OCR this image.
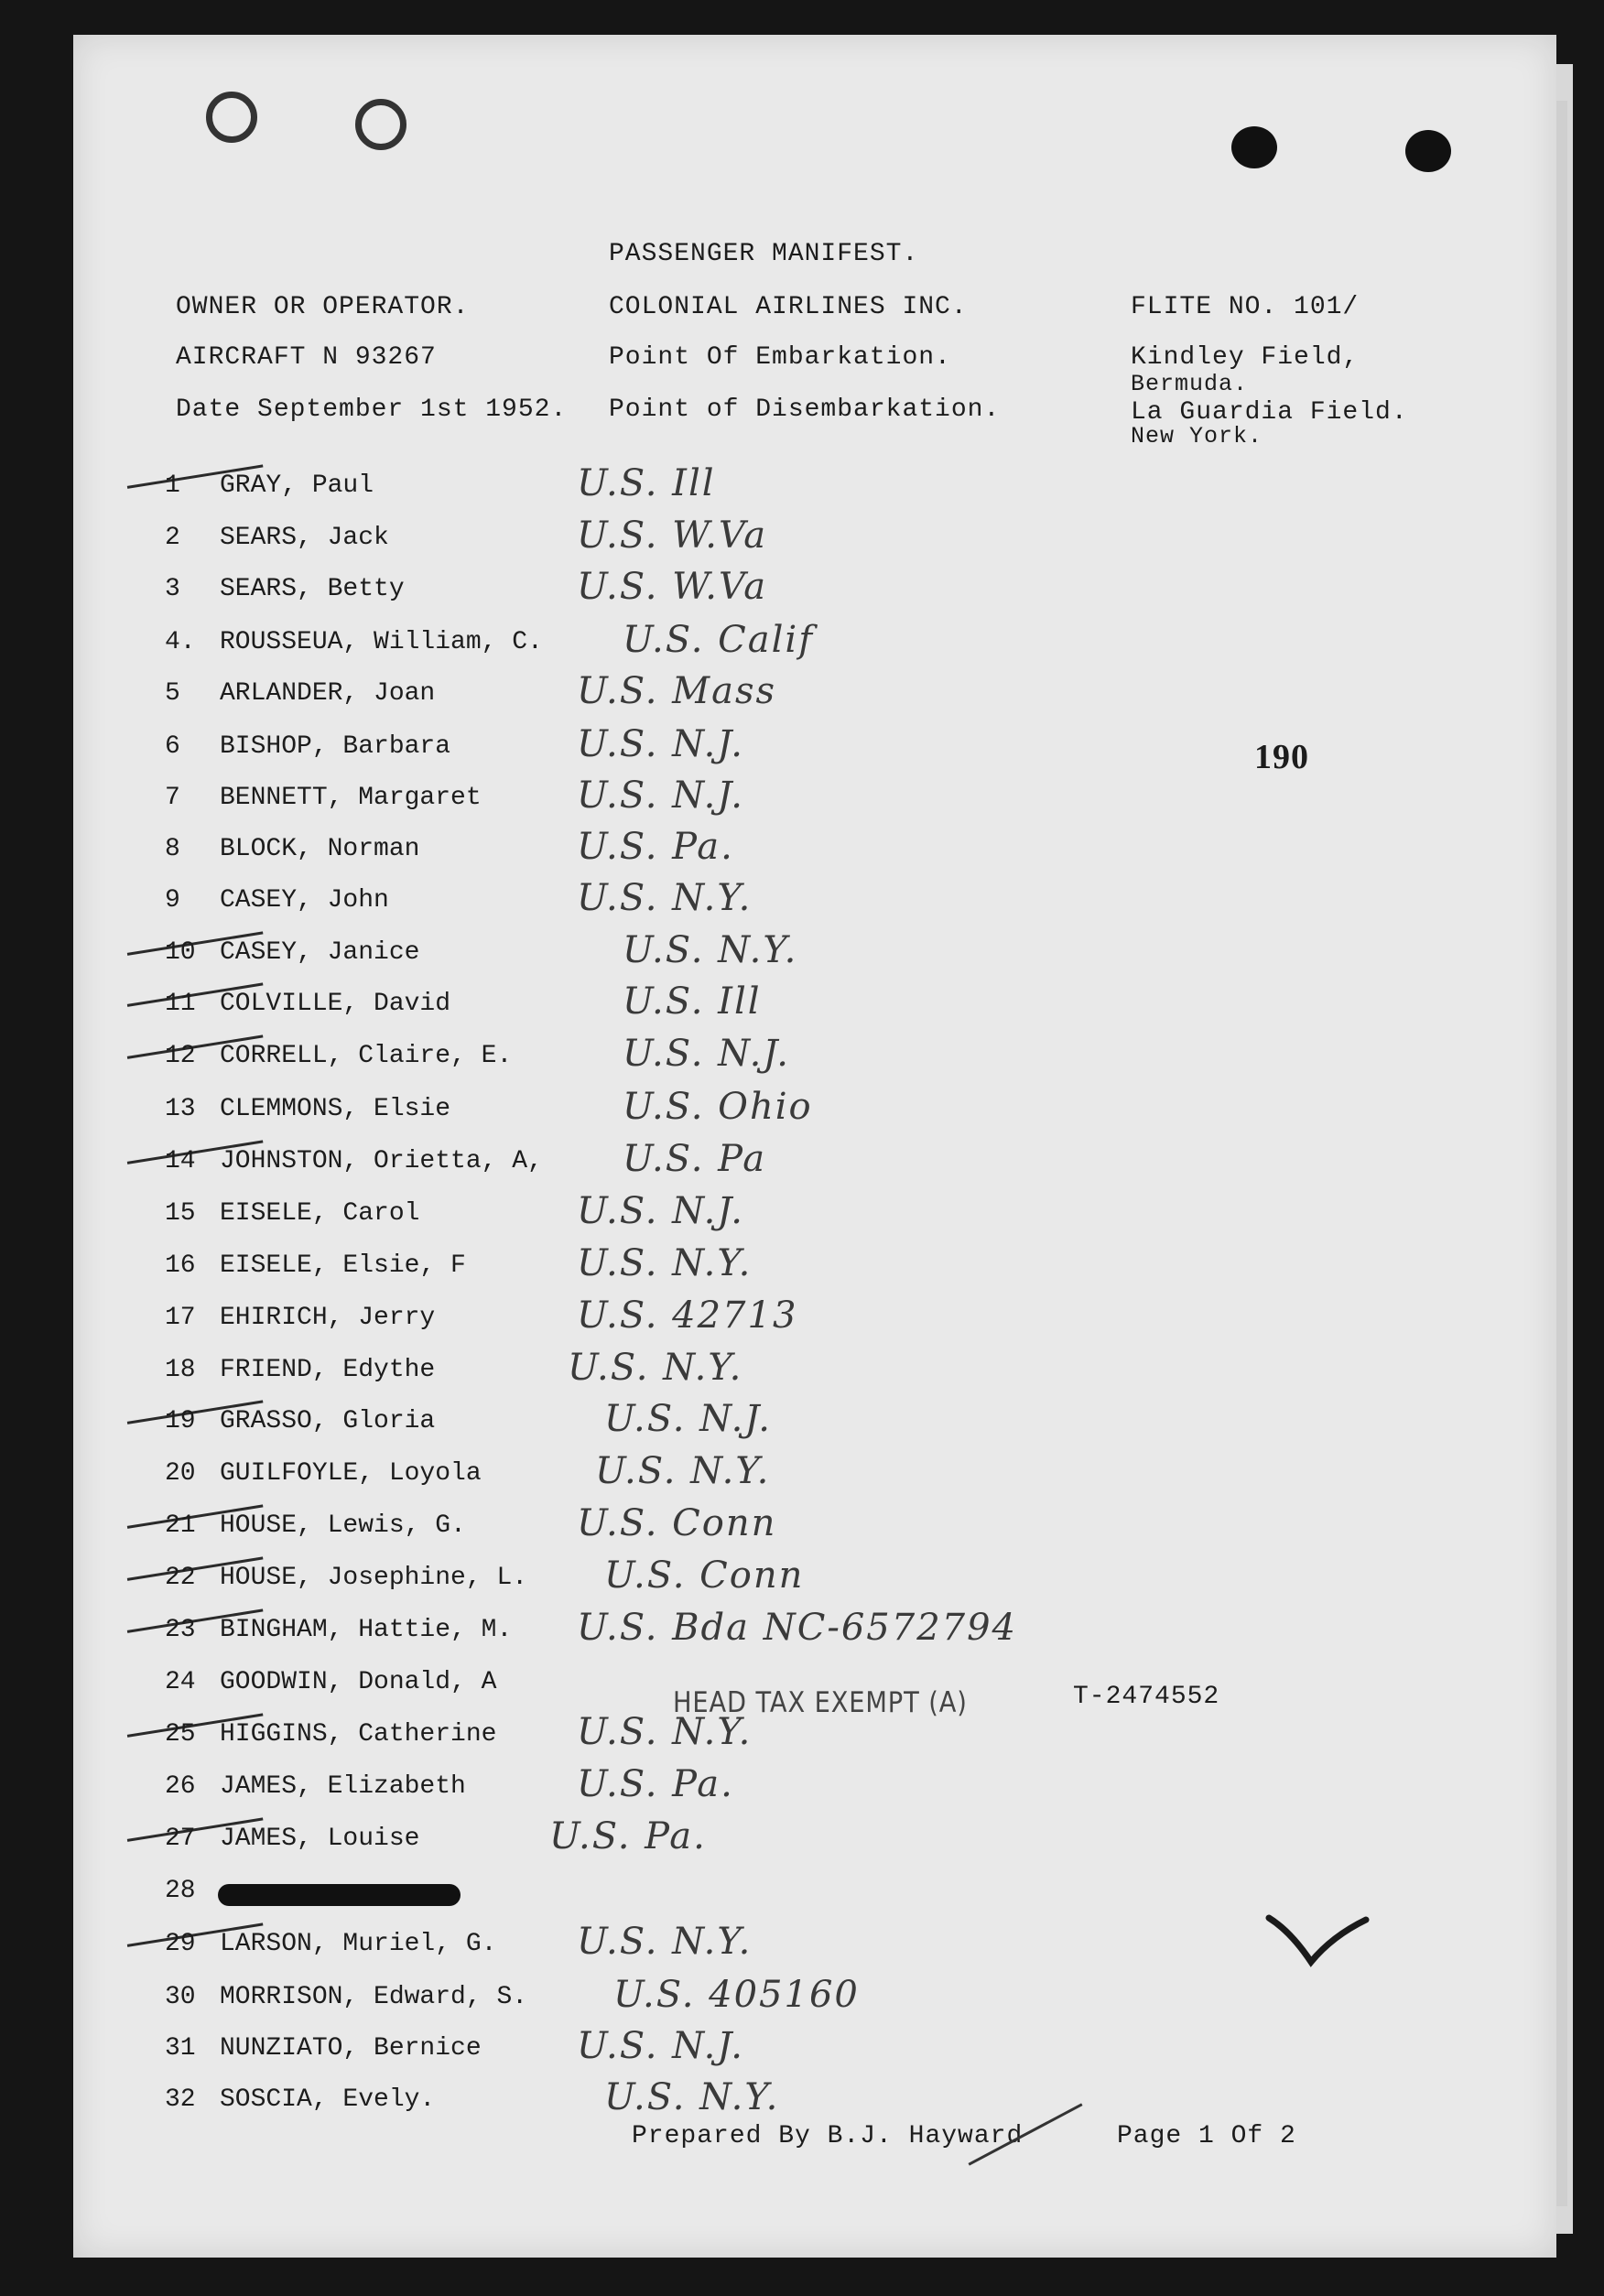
PASSENGER MANIFEST.
OWNER OR OPERATOR.	COLONIAL AIRLINES INC.	FLITE NO. 101/
AIRCRAFT N 93267	Point Of Embarkation.	Kindley Field,
Bermuda.
Date September 1st 1952. Point of Disembarkation.	La Guardia Field.
New York.
190
1 GRAY, Paul	U.S. Ill
2 SEARS, Jack	U.S. W.Va
3 SEARS, Betty	U.S. W.Va
4. ROUSSEUA, William, C. U.S. Calif
5 ARLANDER, Joan	U.S. Mass
6 BISHOP, Barbara	U.S. N.J.
7 BENNETT, Margaret	U.S. N.J.
8 BLOCK, Norman	U.S. Pa.
9 CASEY, John	U.S. N.Y.
10 CASEY, Janice	U.S. N.Y.
11 COLVILLE, David	U.S. Ill
12 CORRELL, Claire, E.	U.S. N.J.
13 CLEMMONS, Elsie	U.S. Ohio
14 JOHNSTON, Orietta, A, U.S. Pa
15 EISELE, Carol	U.S. N.J.
16 EISELE, Elsie, F	U.S. N.Y.
17 EHIRICH, Jerry	U.S. 42713
18 FRIEND, Edythe	U.S. N.Y.
19 GRASSO, Gloria	U.S. N.J.
20 GUILFOYLE, Loyola	U.S. N.Y.
21 HOUSE, Lewis, G.	U.S. Conn
22 HOUSE, Josephine, L. U.S. Conn
23 BINGHAM, Hattie, M. U.S. Bda NC-6572794
24 GOODWIN, Donald, A
25 HIGGINS, Catherine U.S. N.Y.
26 JAMES, Elizabeth	U.S. Pa.
27 JAMES, Louise	U.S. Pa.
28
29 LARSON, Muriel, G. U.S. N.Y.
30 MORRISON, Edward, S. U.S. 405160
31 NUNZIATO, Bernice	U.S. N.J.
32 SOSCIA, Evely.	U.S. N.Y.
HEAD TAX EXEMPT (A)	T-2474552
Prepared By B.J. Hayward	Page 1 Of 2
